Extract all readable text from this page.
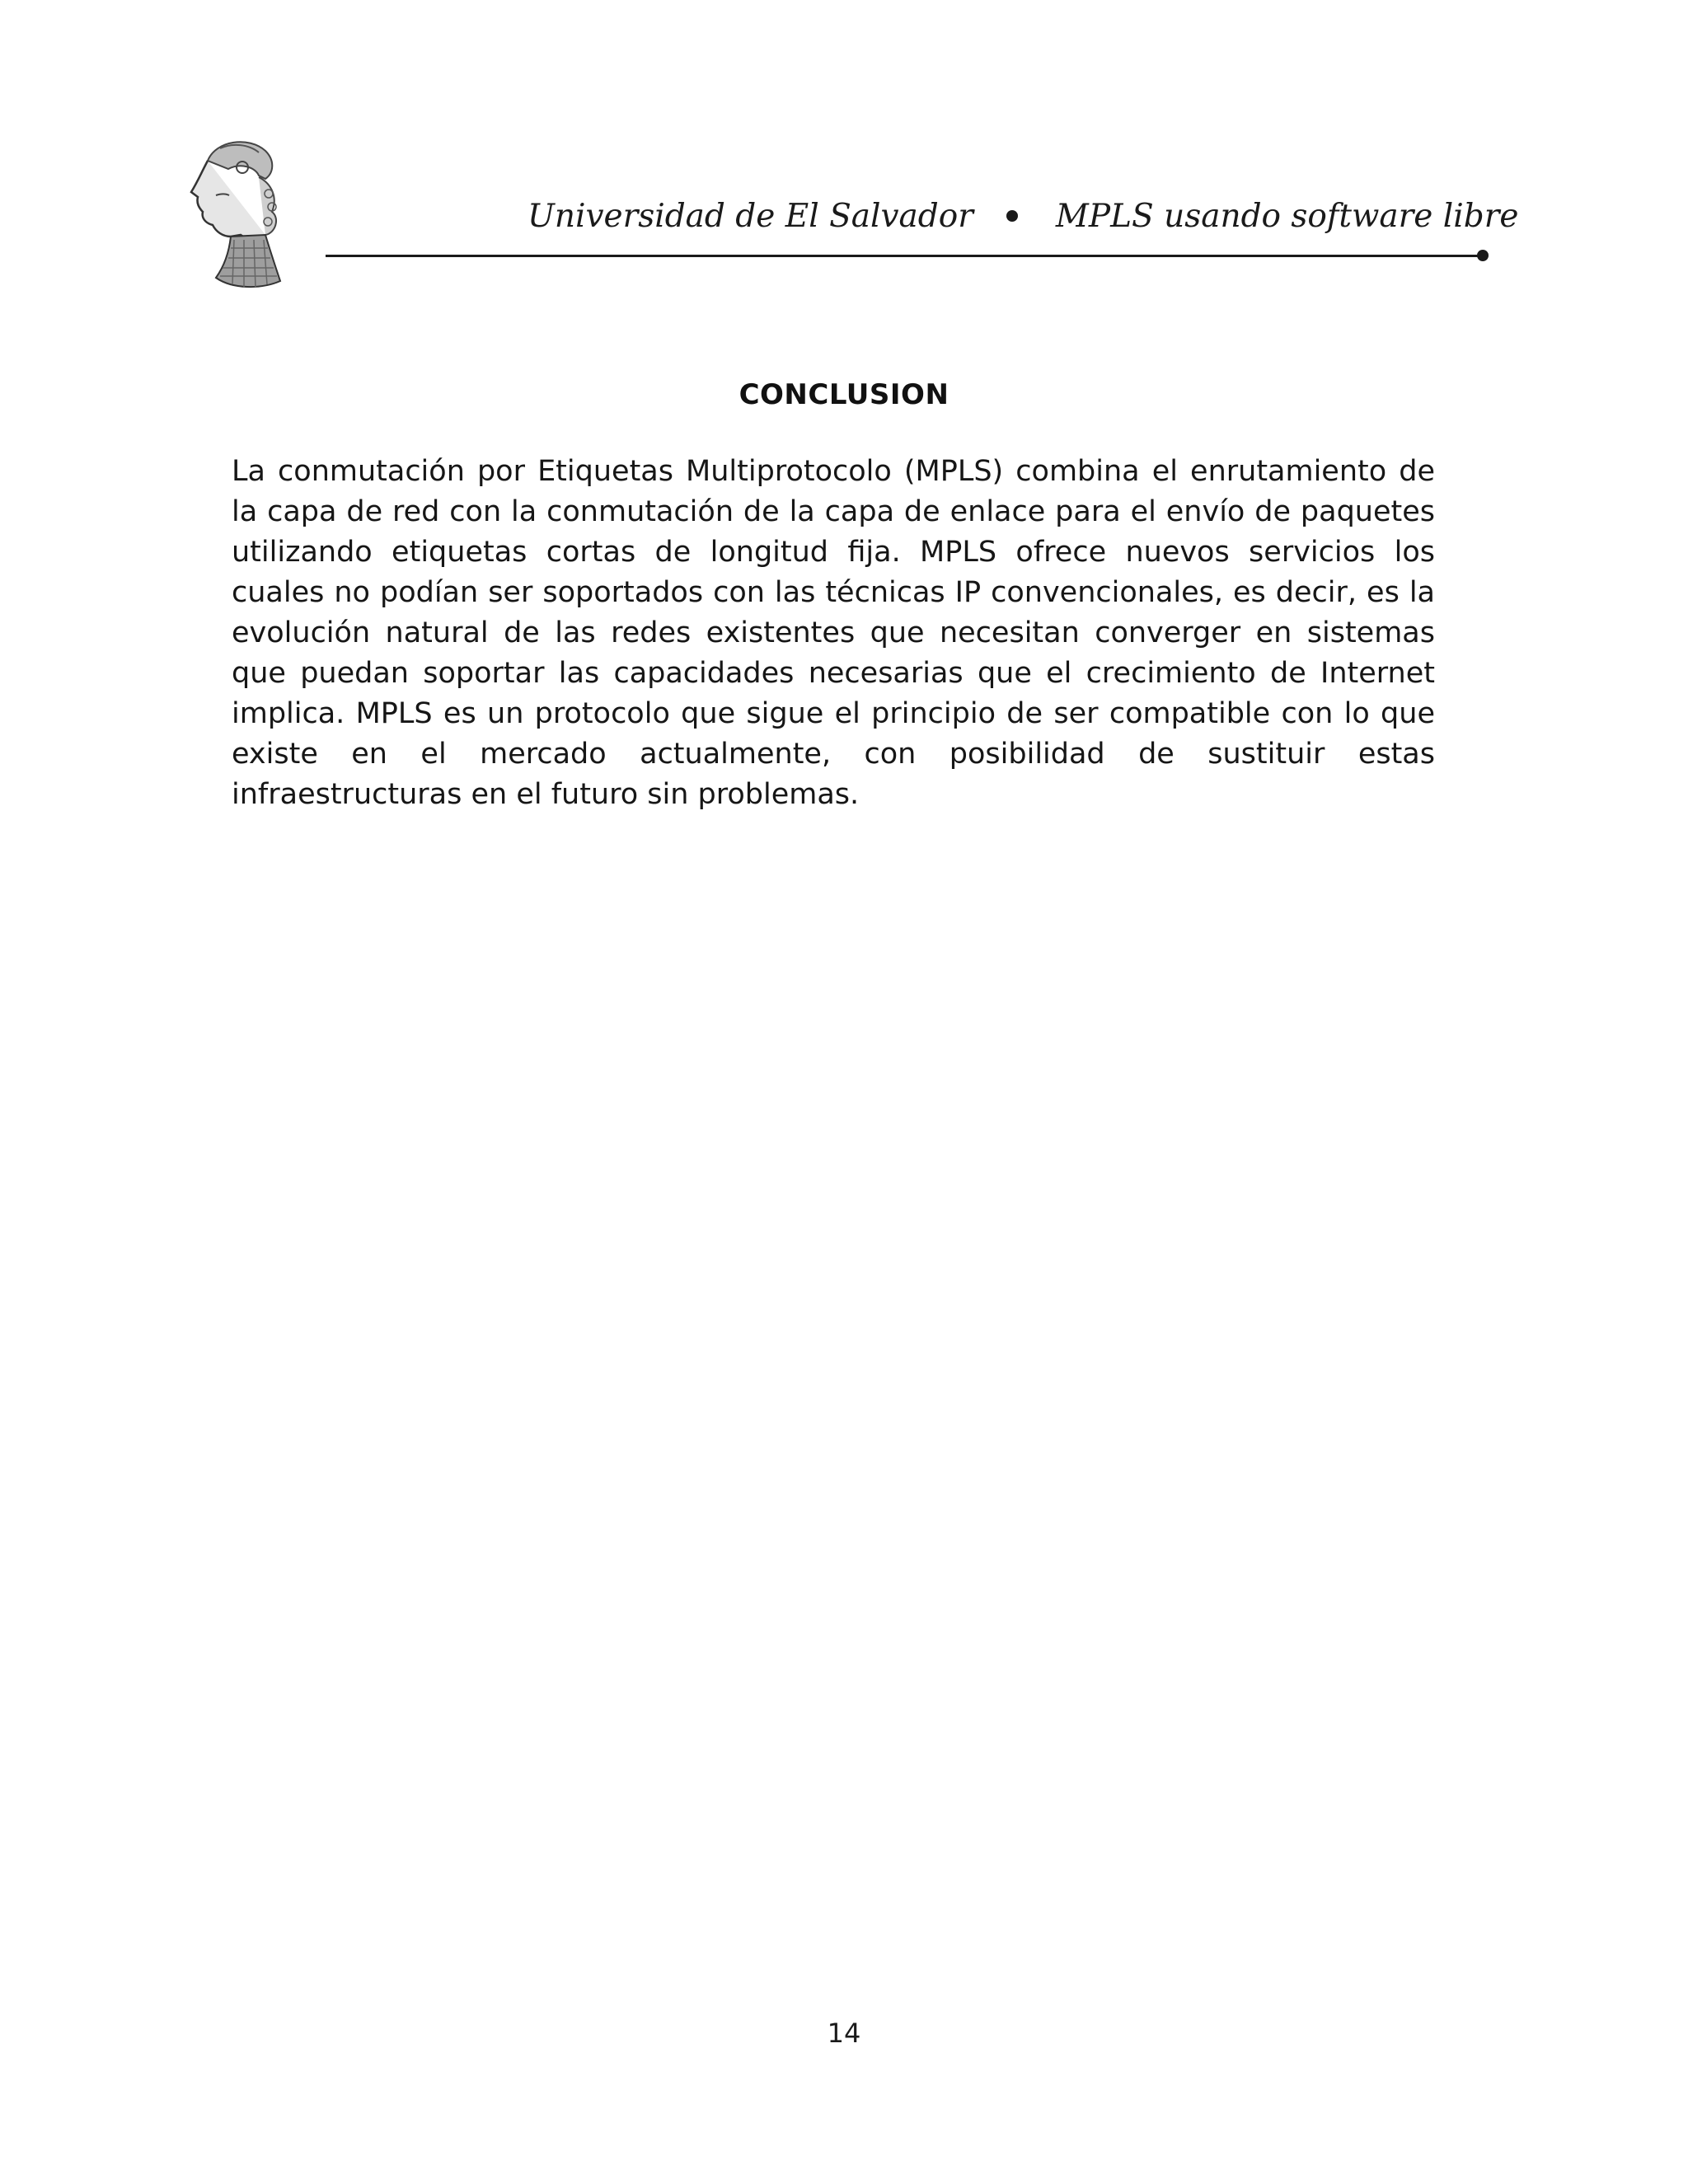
Universidad de El Salvador	MPLS usando software libre
CONCLUSION
La conmutación por Etiquetas Multiprotocolo (MPLS) combina el enrutamiento de la capa de red con la conmutación de la capa de enlace para el envío de paquetes utilizando etiquetas cortas de longitud fija. MPLS ofrece nuevos servicios los cuales no podían ser soportados con las técnicas IP convencionales, es decir, es la evolución natural de las redes existentes que necesitan converger en sistemas que puedan soportar las capacidades necesarias que el crecimiento de Internet implica. MPLS es un protocolo que sigue el principio de ser compatible con lo que existe en el mercado actualmente, con posibilidad de sustituir estas infraestructuras en el futuro sin problemas.
14
